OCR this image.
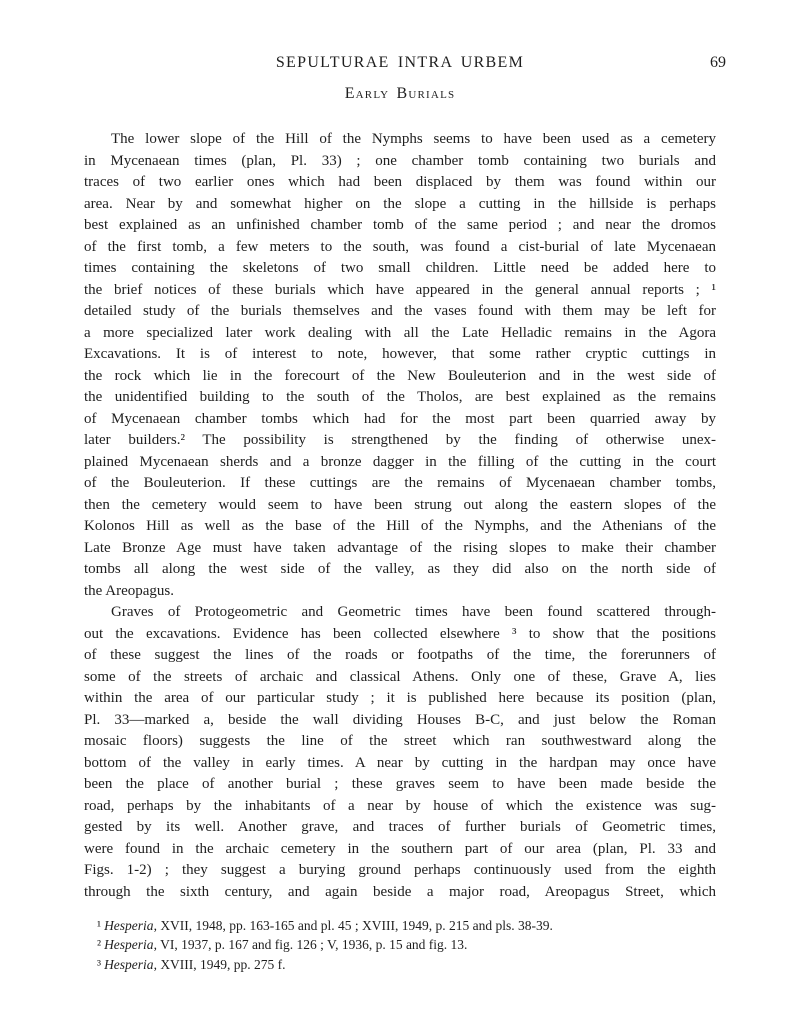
SEPULTURAE INTRA URBEM	69
Early Burials
The lower slope of the Hill of the Nymphs seems to have been used as a cemetery
in Mycenaean times (plan, Pl. 33) ; one chamber tomb containing two burials and
traces of two earlier ones which had been displaced by them was found within our
area. Near by and somewhat higher on the slope a cutting in the hillside is perhaps
best explained as an unfinished chamber tomb of the same period ; and near the dromos
of the first tomb, a few meters to the south, was found a cist-burial of late Mycenaean
times containing the skeletons of two small children. Little need be added here to
the brief notices of these burials which have appeared in the general annual reports ; ¹
detailed study of the burials themselves and the vases found with them may be left for
a more specialized later work dealing with all the Late Helladic remains in the Agora
Excavations. It is of interest to note, however, that some rather cryptic cuttings in
the rock which lie in the forecourt of the New Bouleuterion and in the west side of
the unidentified building to the south of the Tholos, are best explained as the remains
of Mycenaean chamber tombs which had for the most part been quarried away by
later builders.² The possibility is strengthened by the finding of otherwise unex-
plained Mycenaean sherds and a bronze dagger in the filling of the cutting in the court
of the Bouleuterion. If these cuttings are the remains of Mycenaean chamber tombs,
then the cemetery would seem to have been strung out along the eastern slopes of the
Kolonos Hill as well as the base of the Hill of the Nymphs, and the Athenians of the
Late Bronze Age must have taken advantage of the rising slopes to make their chamber
tombs all along the west side of the valley, as they did also on the north side of
the Areopagus.
Graves of Protogeometric and Geometric times have been found scattered through-
out the excavations. Evidence has been collected elsewhere ³ to show that the positions
of these suggest the lines of the roads or footpaths of the time, the forerunners of
some of the streets of archaic and classical Athens. Only one of these, Grave A, lies
within the area of our particular study ; it is published here because its position (plan,
Pl. 33—marked a, beside the wall dividing Houses B-C, and just below the Roman
mosaic floors) suggests the line of the street which ran southwestward along the
bottom of the valley in early times. A near by cutting in the hardpan may once have
been the place of another burial ; these graves seem to have been made beside the
road, perhaps by the inhabitants of a near by house of which the existence was sug-
gested by its well. Another grave, and traces of further burials of Geometric times,
were found in the archaic cemetery in the southern part of our area (plan, Pl. 33 and
Figs. 1-2) ; they suggest a burying ground perhaps continuously used from the eighth
through the sixth century, and again beside a major road, Areopagus Street, which
¹ Hesperia, XVII, 1948, pp. 163-165 and pl. 45 ; XVIII, 1949, p. 215 and pls. 38-39.
² Hesperia, VI, 1937, p. 167 and fig. 126 ; V, 1936, p. 15 and fig. 13.
³ Hesperia, XVIII, 1949, pp. 275 f.
